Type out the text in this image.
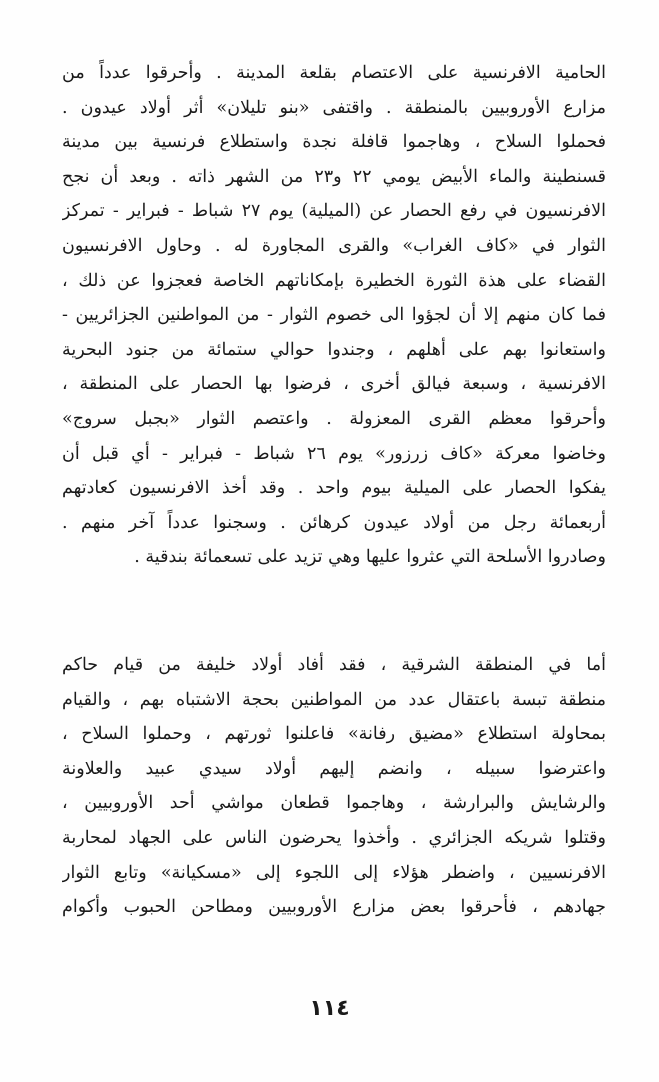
الحامية الافرنسية على الاعتصام بقلعة المدينة . وأحرقوا عدداً من
مزارع الأوروبيين بالمنطقة . واقتفى «بنو تليلان» أثر أولاد عيدون .
فحملوا السلاح ، وهاجموا قافلة نجدة واستطلاع فرنسية بين مدينة
قسنطينة والماء الأبيض يومي ٢٢ و٢٣ من الشهر ذاته . وبعد أن نجح
الافرنسيون في رفع الحصار عن (الميلية) يوم ٢٧ شباط - فبراير - تمركز
الثوار في «كاف الغراب» والقرى المجاورة له . وحاول الافرنسيون
القضاء على هذة الثورة الخطيرة بإمكاناتهم الخاصة فعجزوا عن ذلك ،
فما كان منهم إلا أن لجؤوا الى خصوم الثوار - من المواطنين الجزائريين -
واستعانوا بهم على أهلهم ، وجندوا حوالي ستمائة من جنود البحرية
الافرنسية ، وسبعة فيالق أخرى ، فرضوا بها الحصار على المنطقة ،
وأحرقوا معظم القرى المعزولة . واعتصم الثوار «بجبل سروج»
وخاضوا معركة «كاف زرزور» يوم ٢٦ شباط - فبراير - أي قبل أن
يفكوا الحصار على الميلية بيوم واحد . وقد أخذ الافرنسيون كعادتهم
أربعمائة رجل من أولاد عيدون كرهائن . وسجنوا عدداً آخر منهم .
وصادروا الأسلحة التي عثروا عليها وهي تزيد على تسعمائة بندقية .
أما في المنطقة الشرقية ، فقد أفاد أولاد خليفة من قيام حاكم
منطقة تبسة باعتقال عدد من المواطنين بحجة الاشتباه بهم ، والقيام
بمحاولة استطلاع «مضيق رفانة» فاعلنوا ثورتهم ، وحملوا السلاح ،
واعترضوا سبيله ، وانضم إليهم أولاد سيدي عبيد والعلاونة
والرشايش والبرارشة ، وهاجموا قطعان مواشي أحد الأوروبيين ،
وقتلوا شريكه الجزائري . وأخذوا يحرضون الناس على الجهاد لمحاربة
الافرنسيين ، واضطر هؤلاء إلى اللجوء إلى «مسكيانة» وتابع الثوار
جهادهم ، فأحرقوا بعض مزارع الأوروبيين ومطاحن الحبوب وأكوام
١١٤
